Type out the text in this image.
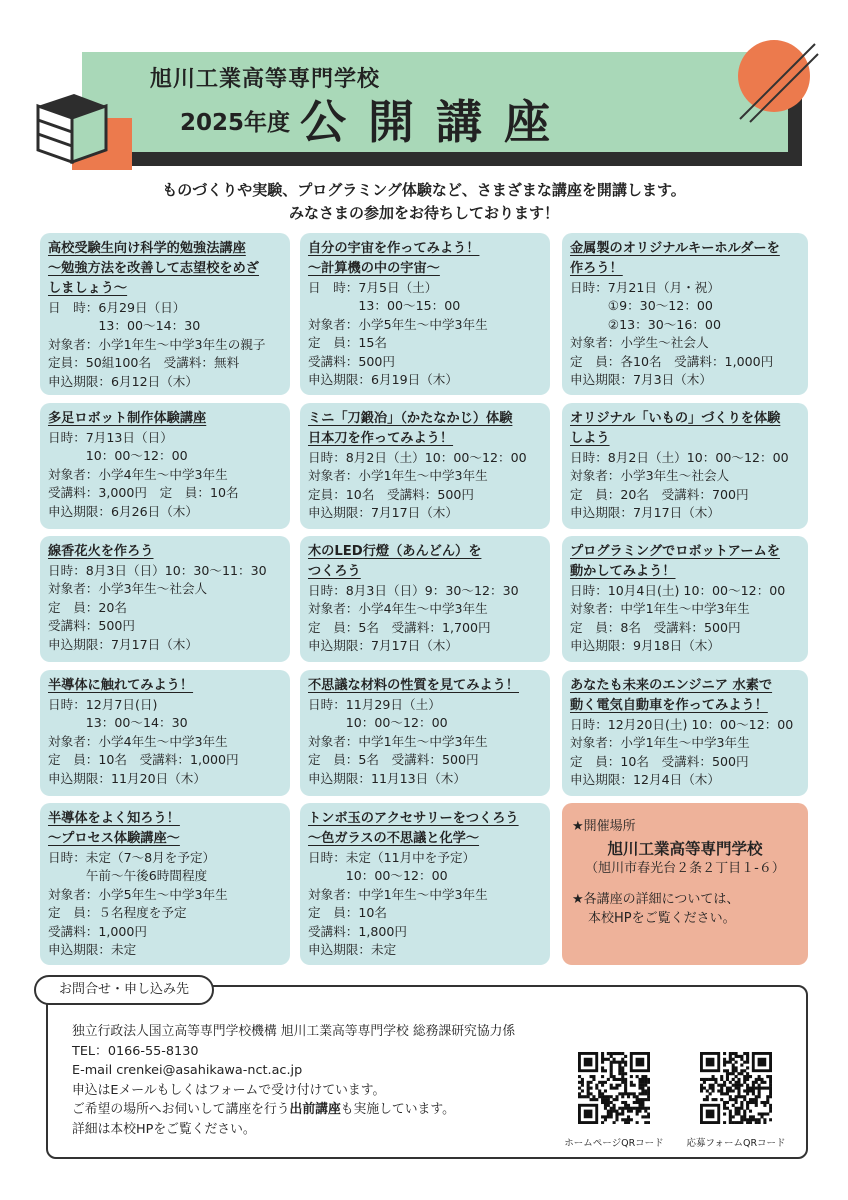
旭川工業高等専門学校
2025年度 公開講座
ものづくりや実験、プログラミング体験など、さまざまな講座を開講します。
みなさまの参加をお待ちしております！
高校受験生向け科学的勉強法講座
〜勉強方法を改善して志望校をめざ
しましょう〜
日　時：6月29日（日）
　　　　13：00〜14：30
対象者：小学1年生〜中学3年生の親子
定員：50組100名　受講料：無料
申込期限：6月12日（木）
自分の宇宙を作ってみよう！
〜計算機の中の宇宙〜
日　時：7月5日（土）
　　　　13：00〜15：00
対象者：小学5年生〜中学3年生
定　員：15名
受講料：500円
申込期限：6月19日（木）
金属製のオリジナルキーホルダーを
作ろう！
日時：7月21日（月・祝）
　　　①9：30〜12：00
　　　②13：30〜16：00
対象者：小学生〜社会人
定　員：各10名　受講料：1,000円
申込期限：7月3日（木）
多足ロボット制作体験講座
日時：7月13日（日）
　　　10：00〜12：00
対象者：小学4年生〜中学3年生
受講料：3,000円　定　員：10名
申込期限：6月26日（木）
ミニ「刀鍛冶」（かたなかじ）体験
日本刀を作ってみよう！
日時：8月2日（土）10：00〜12：00
対象者：小学1年生〜中学3年生
定員：10名　受講料：500円
申込期限：7月17日（木）
オリジナル「いもの」づくりを体験
しよう
日時：8月2日（土）10：00〜12：00
対象者：小学3年生〜社会人
定　員：20名　受講料：700円
申込期限：7月17日（木）
線香花火を作ろう
日時：8月3日（日）10：30〜11：30
対象者：小学3年生〜社会人
定　員：20名
受講料：500円
申込期限：7月17日（木）
木のLED行燈（あんどん）を
つくろう
日時：8月3日（日）9：30〜12：30
対象者：小学4年生〜中学3年生
定　員：5名　受講料：1,700円
申込期限：7月17日（木）
プログラミングでロボットアームを
動かしてみよう！
日時：10月4日(土) 10：00〜12：00
対象者：中学1年生〜中学3年生
定　員：8名　受講料：500円
申込期限：9月18日（木）
半導体に触れてみよう！
日時：12月7日(日)
　　　13：00〜14：30
対象者：小学4年生〜中学3年生
定　員：10名　受講料：1,000円
申込期限：11月20日（木）
不思議な材料の性質を見てみよう！
日時：11月29日（土）
　　　10：00〜12：00
対象者：中学1年生〜中学3年生
定　員：5名　受講料：500円
申込期限：11月13日（木）
あなたも未来のエンジニア 水素で
動く電気自動車を作ってみよう！
日時：12月20日(土) 10：00〜12：00
対象者：小学1年生〜中学3年生
定　員：10名　受講料：500円
申込期限：12月4日（木）
半導体をよく知ろう！
〜プロセス体験講座〜
日時：未定（7〜8月を予定）
　　　午前〜午後6時間程度
対象者：小学5年生〜中学3年生
定　員：５名程度を予定
受講料：1,000円
申込期限：未定
トンボ玉のアクセサリーをつくろう
〜色ガラスの不思議と化学〜
日時：未定（11月中を予定）
　　　10：00〜12：00
対象者：中学1年生〜中学3年生
定　員：10名
受講料：1,800円
申込期限：未定
★開催場所
旭川工業高等専門学校
（旭川市春光台２条２丁目１-６）
★各講座の詳細については、
本校HPをご覧ください。
お問合せ・申し込み先
独立行政法人国立高等専門学校機構 旭川工業高等専門学校 総務課研究協力係
TEL：0166-55-8130
E-mail crenkei@asahikawa-nct.ac.jp
申込はEメールもしくはフォームで受け付けています。
ご希望の場所へお伺いして講座を行う出前講座も実施しています。
詳細は本校HPをご覧ください。
ホームページQRコード	応募フォームQRコード
